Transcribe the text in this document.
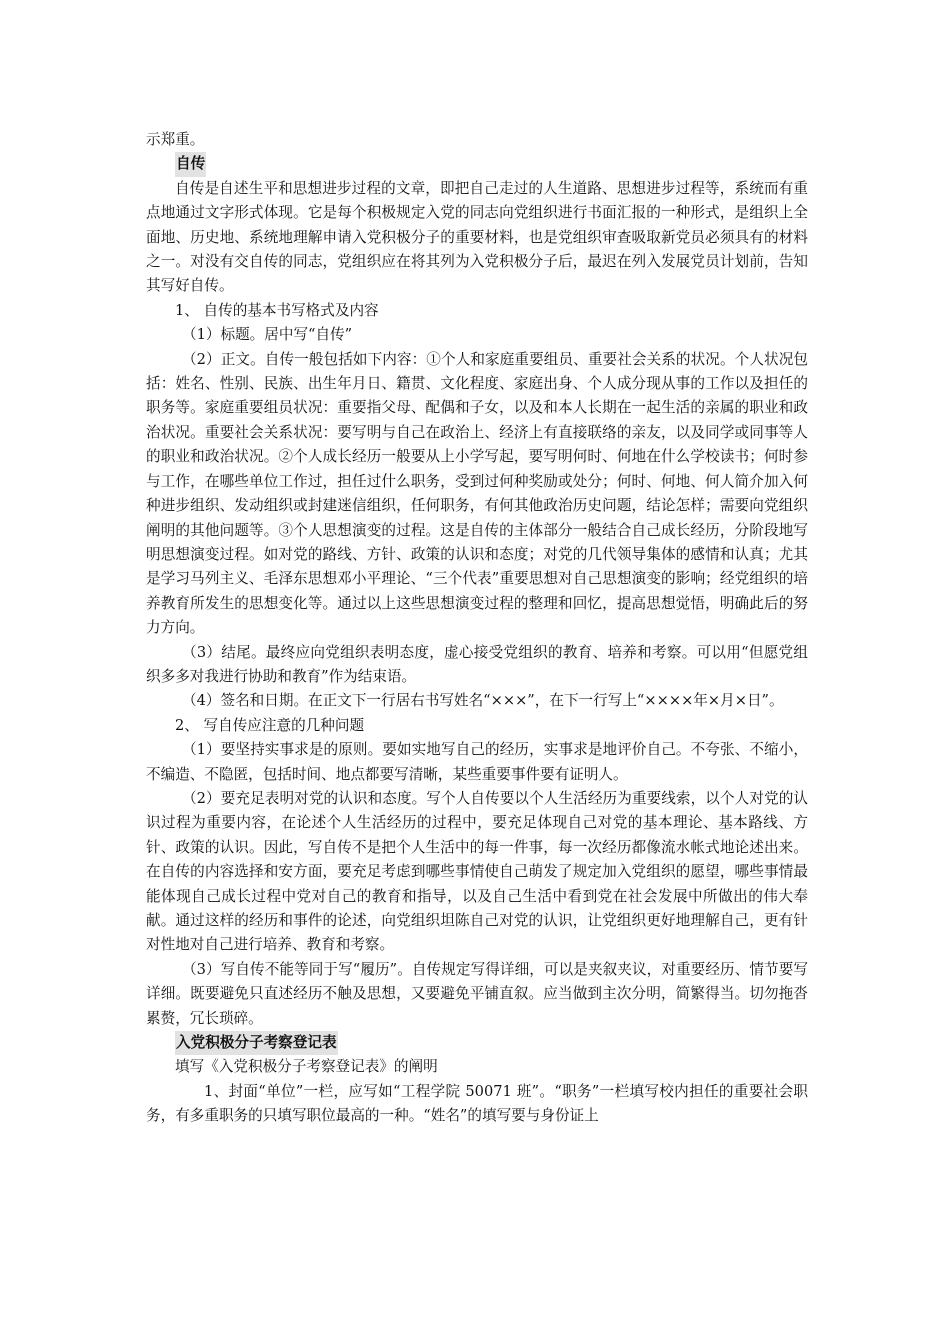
示郑重。

自传

自传是自述生平和思想进步过程的文章，即把自己走过的人生道路、思想进步过程等，系统而有重点地通过文字形式体现。它是每个积极规定入党的同志向党组织进行书面汇报的一种形式，是组织上全面地、历史地、系统地理解申请入党积极分子的重要材料，也是党组织审查吸取新党员必须具有的材料之一。对没有交自传的同志，党组织应在将其列为入党积极分子后，最迟在列入发展党员计划前，告知其写好自传。

1、 自传的基本书写格式及内容

（1）标题。居中写“自传”

（2）正文。自传一般包括如下内容：①个人和家庭重要组员、重要社会关系的状况。个人状况包括：姓名、性别、民族、出生年月日、籍贯、文化程度、家庭出身、个人成分现从事的工作以及担任的职务等。家庭重要组员状况：重要指父母、配偶和子女，以及和本人长期在一起生活的亲属的职业和政治状况。重要社会关系状况：要写明与自己在政治上、经济上有直接联络的亲友，以及同学或同事等人的职业和政治状况。②个人成长经历一般要从上小学写起，要写明何时、何地在什么学校读书；何时参与工作，在哪些单位工作过，担任过什么职务，受到过何种奖励或处分；何时、何地、何人简介加入何种进步组织、发动组织或封建迷信组织，任何职务，有何其他政治历史问题，结论怎样；需要向党组织阐明的其他问题等。③个人思想演变的过程。这是自传的主体部分一般结合自己成长经历，分阶段地写明思想演变过程。如对党的路线、方针、政策的认识和态度；对党的几代领导集体的感情和认真；尤其是学习马列主义、毛泽东思想邓小平理论、“三个代表”重要思想对自己思想演变的影响；经党组织的培养教育所发生的思想变化等。通过以上这些思想演变过程的整理和回忆，提高思想觉悟，明确此后的努力方向。

（3）结尾。最终应向党组织表明态度，虚心接受党组织的教育、培养和考察。可以用“但愿党组织多多对我进行协助和教育”作为结束语。

（4）签名和日期。在正文下一行居右书写姓名“×××”，在下一行写上“××××年×月×日”。

2、 写自传应注意的几种问题

（1）要坚持实事求是的原则。要如实地写自己的经历，实事求是地评价自己。不夸张、不缩小，不编造、不隐匿，包括时间、地点都要写清晰，某些重要事件要有证明人。

（2）要充足表明对党的认识和态度。写个人自传要以个人生活经历为重要线索，以个人对党的认识过程为重要内容，在论述个人生活经历的过程中，要充足体现自己对党的基本理论、基本路线、方针、政策的认识。因此，写自传不是把个人生活中的每一件事，每一次经历都像流水帐式地论述出来。在自传的内容选择和安方面，要充足考虑到哪些事情使自己萌发了规定加入党组织的愿望，哪些事情最能体现自己成长过程中党对自己的教育和指导，以及自己生活中看到党在社会发展中所做出的伟大奉献。通过这样的经历和事件的论述，向党组织坦陈自己对党的认识，让党组织更好地理解自己，更有针对性地对自己进行培养、教育和考察。

（3）写自传不能等同于写“履历”。自传规定写得详细，可以是夹叙夹议，对重要经历、情节要写详细。既要避免只直述经历不触及思想，又要避免平铺直叙。应当做到主次分明，简繁得当。切勿拖沓累赘，冗长琐碎。

入党积极分子考察登记表

填写《入党积极分子考察登记表》的阐明

1、封面“单位”一栏，应写如“工程学院 50071 班”。“职务”一栏填写校内担任的重要社会职务，有多重职务的只填写职位最高的一种。“姓名”的填写要与身份证上
